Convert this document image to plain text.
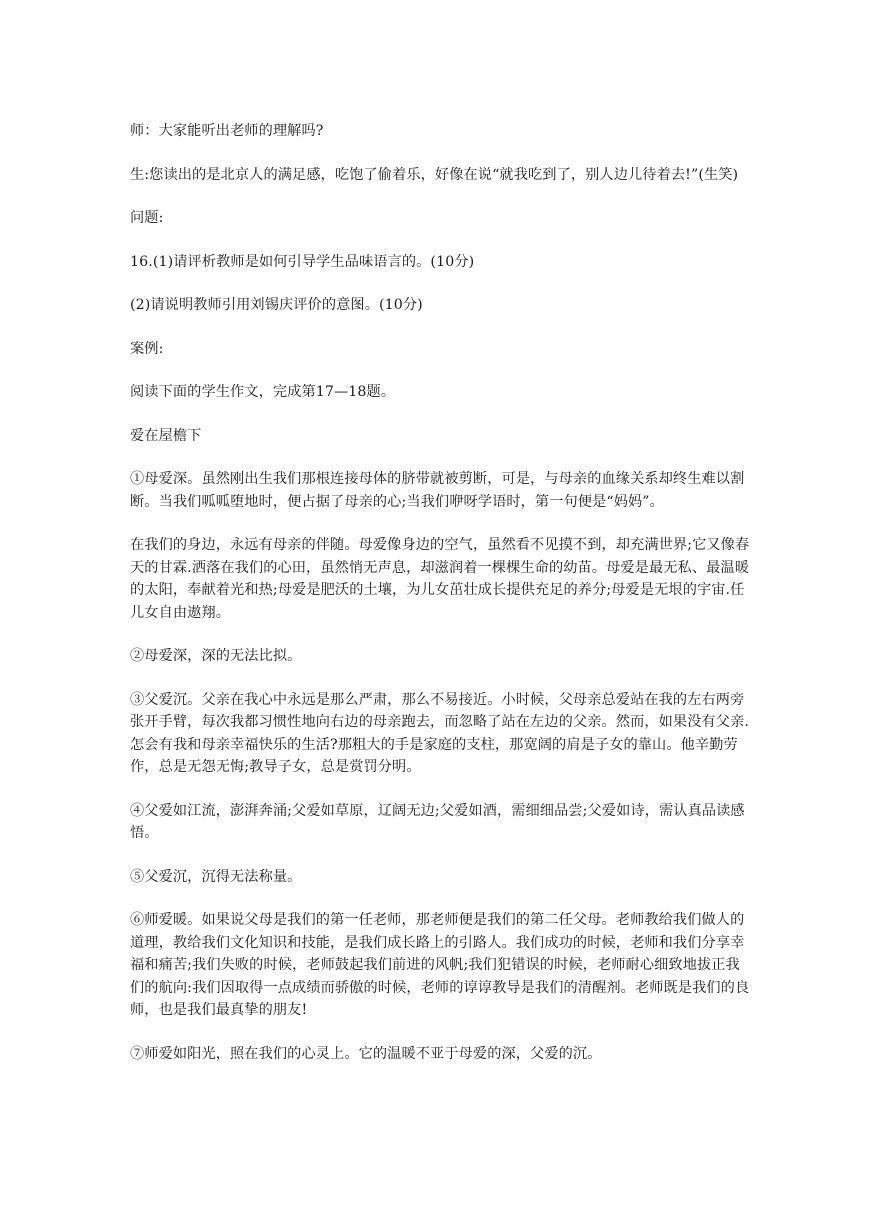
师：大家能听出老师的理解吗?

生:您读出的是北京人的满足感，吃饱了偷着乐，好像在说“就我吃到了，别人边儿待着去!”(生笑)

问题:

16.(1)请评析教师是如何引导学生品味语言的。(10分)

(2)请说明教师引用刘锡庆评价的意图。(10分)

案例:

阅读下面的学生作文，完成第17—18题。

爱在屋檐下

①母爱深。虽然刚出生我们那根连接母体的脐带就被剪断，可是，与母亲的血缘关系却终生难以割断。当我们呱呱堕地时，便占据了母亲的心;当我们咿呀学语时，第一句便是“妈妈”。

在我们的身边，永远有母亲的伴随。母爱像身边的空气，虽然看不见摸不到，却充满世界;它又像春天的甘霖.洒落在我们的心田，虽然悄无声息，却滋润着一棵棵生命的幼苗。母爱是最无私、最温暖的太阳，奉献着光和热;母爱是肥沃的土壤，为儿女茁壮成长提供充足的养分;母爱是无垠的宇宙.任儿女自由遨翔。

②母爱深，深的无法比拟。

③父爱沉。父亲在我心中永远是那么严肃，那么不易接近。小时候，父母亲总爱站在我的左右两旁张开手臂，每次我都习惯性地向右边的母亲跑去，而忽略了站在左边的父亲。然而，如果没有父亲.怎会有我和母亲幸福快乐的生活?那粗大的手是家庭的支柱，那宽阔的肩是子女的靠山。他辛勤劳作，总是无怨无悔;教导子女，总是赏罚分明。

④父爱如江流，澎湃奔涌;父爱如草原，辽阔无边;父爱如酒，需细细品尝;父爱如诗，需认真品读感悟。

⑤父爱沉，沉得无法称量。

⑥师爱暖。如果说父母是我们的第一任老师，那老师便是我们的第二任父母。老师教给我们做人的道理，教给我们文化知识和技能，是我们成长路上的引路人。我们成功的时候，老师和我们分享幸福和痛苦;我们失败的时候，老师鼓起我们前进的风帆;我们犯错误的时候，老师耐心细致地拔正我们的航向:我们因取得一点成绩而骄傲的时候，老师的谆谆教导是我们的清醒剂。老师既是我们的良师，也是我们最真挚的朋友!

⑦师爱如阳光，照在我们的心灵上。它的温暖不亚于母爱的深，父爱的沉。
